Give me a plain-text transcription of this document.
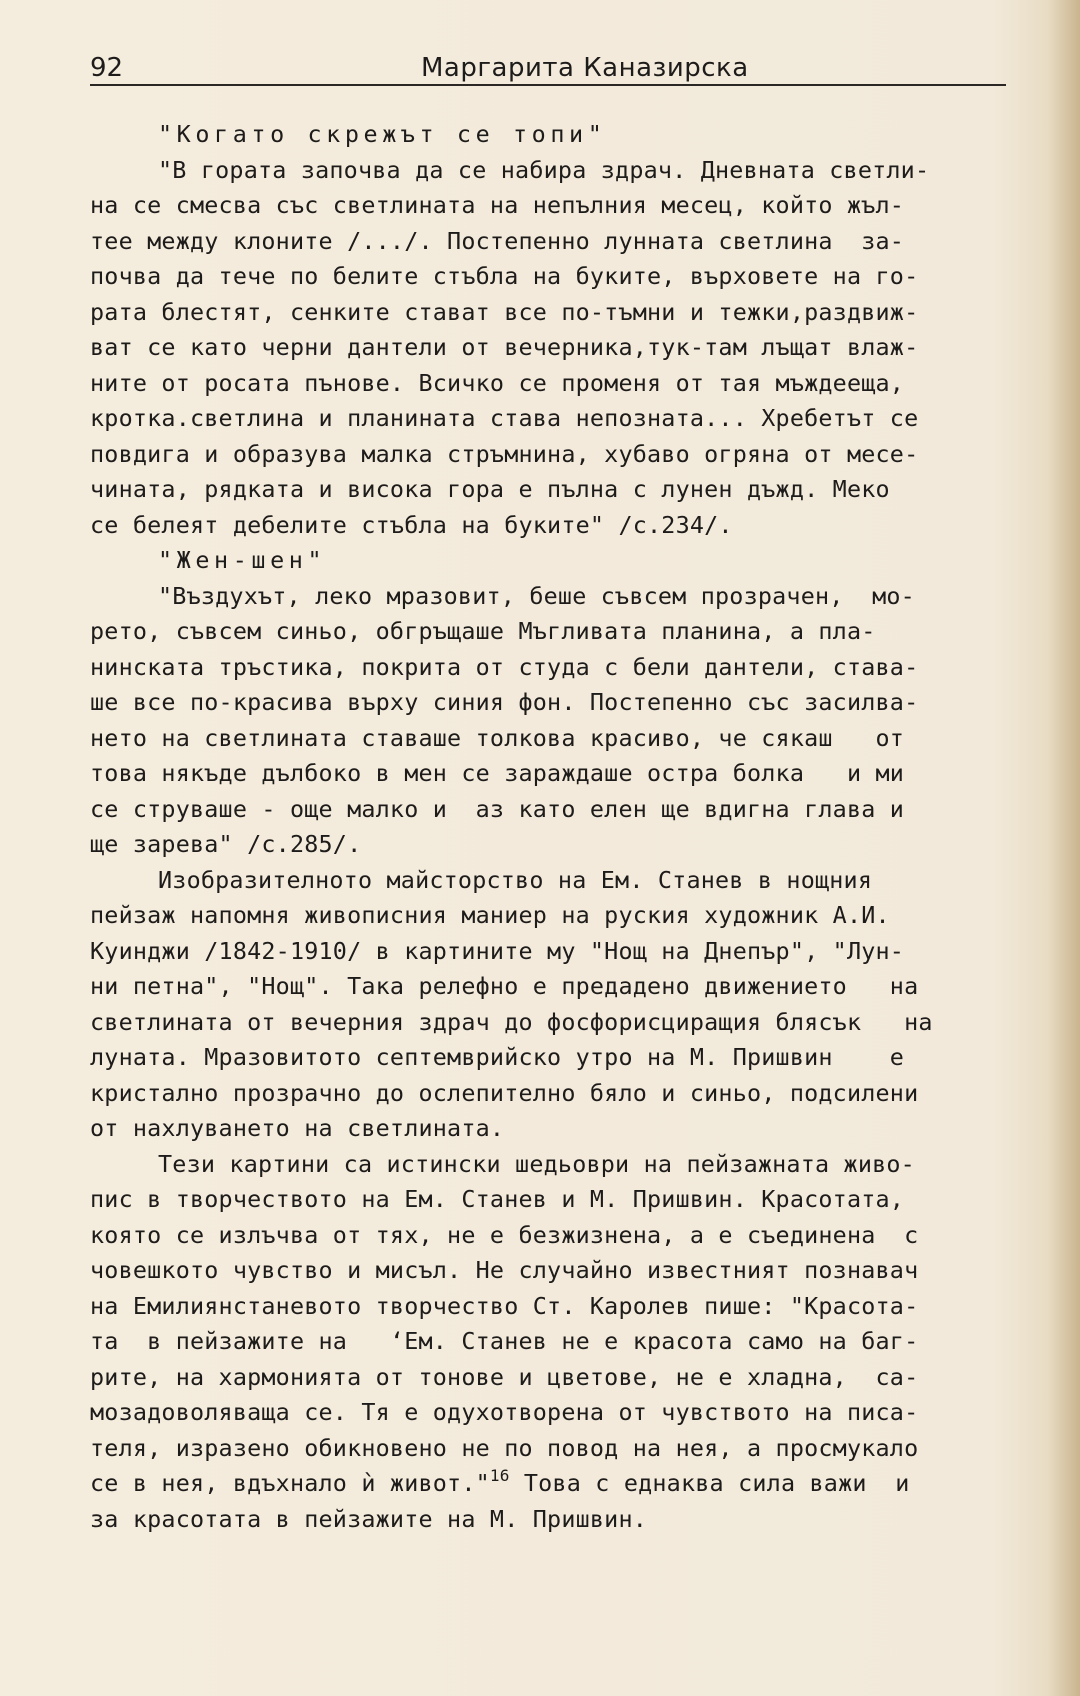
92	Маргарита Каназирска
"Когато скрежът се топи"
"В гората започва да се набира здрач. Дневната светли-
на се смесва със светлината на непълния месец, който жъл-
тее между клоните /.../. Постепенно лунната светлина  за-
почва да тече по белите стъбла на буките, върховете на го-
рата блестят, сенките стават все по-тъмни и тежки,раздвиж-
ват се като черни дантели от вечерника,тук-там лъщат влаж-
ните от росата пънове. Всичко се променя от тая мъждееща,
кротка.светлина и планината става непозната... Хребетът се
повдига и образува малка стръмнина, хубаво огряна от месе-
чината, рядката и висока гора е пълна с лунен дъжд. Меко
се белеят дебелите стъбла на буките" /с.234/.
"Жен-шен"
"Въздухът, леко мразовит, беше съвсем прозрачен,  мо-
рето, съвсем синьо, обгръщаше Мъгливата планина, а пла-
нинската тръстика, покрита от студа с бели дантели, става-
ше все по-красива върху синия фон. Постепенно със засилва-
нето на светлината ставаше толкова красиво, че сякаш   от
това някъде дълбоко в мен се зараждаше остра болка   и ми
се струваше - още малко и  аз като елен ще вдигна глава и
ще зарева" /с.285/.
Изобразителното майсторство на Ем. Станев в нощния
пейзаж напомня живописния маниер на руския художник А.И.
Куинджи /1842-1910/ в картините му "Нощ на Днепър", "Лун-
ни петна", "Нощ". Така релефно е предадено движението   на
светлината от вечерния здрач до фосфорисциращия блясък   на
луната. Мразовитото септемврийско утро на М. Пришвин    е
кристално прозрачно до ослепително бяло и синьо, подсилени
от нахлуването на светлината.
Тези картини са истински шедьоври на пейзажната живо-
пис в творчеството на Ем. Станев и М. Пришвин. Красотата,
която се излъчва от тях, не е безжизнена, а е съединена  с
човешкото чувство и мисъл. Не случайно известният познавач
на Емилиянстаневото творчество Ст. Каролев пише: "Красота-
та  в пейзажите на   ‘Ем. Станев не е красота само на баг-
рите, на хармонията от тонове и цветове, не е хладна,  са-
мозадоволяваща се. Тя е одухотворена от чувството на писа-
теля, изразено обикновено не по повод на нея, а просмукало
се в нея, вдъхнало ѝ живот."$^{16}$ Това с еднаква сила важи  и
за красотата в пейзажите на М. Пришвин.
